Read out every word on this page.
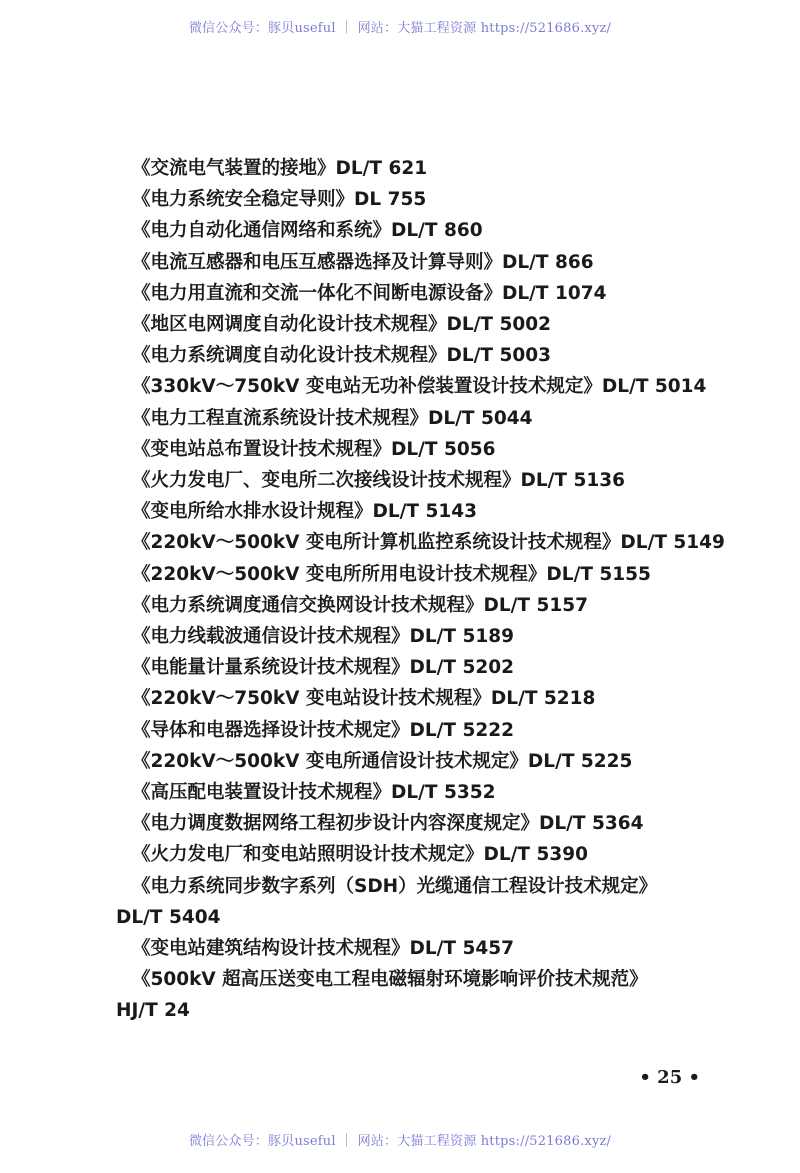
微信公众号：豚贝useful ｜ 网站：大猫工程资源 https://521686.xyz/
《交流电气装置的接地》DL/T 621
《电力系统安全稳定导则》DL 755
《电力自动化通信网络和系统》DL/T 860
《电流互感器和电压互感器选择及计算导则》DL/T 866
《电力用直流和交流一体化不间断电源设备》DL/T 1074
《地区电网调度自动化设计技术规程》DL/T 5002
《电力系统调度自动化设计技术规程》DL/T 5003
《330kV～750kV 变电站无功补偿装置设计技术规定》DL/T 5014
《电力工程直流系统设计技术规程》DL/T 5044
《变电站总布置设计技术规程》DL/T 5056
《火力发电厂、变电所二次接线设计技术规程》DL/T 5136
《变电所给水排水设计规程》DL/T 5143
《220kV～500kV 变电所计算机监控系统设计技术规程》DL/T 5149
《220kV～500kV 变电所所用电设计技术规程》DL/T 5155
《电力系统调度通信交换网设计技术规程》DL/T 5157
《电力线载波通信设计技术规程》DL/T 5189
《电能量计量系统设计技术规程》DL/T 5202
《220kV～750kV 变电站设计技术规程》DL/T 5218
《导体和电器选择设计技术规定》DL/T 5222
《220kV～500kV 变电所通信设计技术规定》DL/T 5225
《高压配电装置设计技术规程》DL/T 5352
《电力调度数据网络工程初步设计内容深度规定》DL/T 5364
《火力发电厂和变电站照明设计技术规定》DL/T 5390
《电力系统同步数字系列（SDH）光缆通信工程设计技术规定》
DL/T 5404
《变电站建筑结构设计技术规程》DL/T 5457
《500kV 超高压送变电工程电磁辐射环境影响评价技术规范》
HJ/T 24
• 25 •
微信公众号：豚贝useful ｜ 网站：大猫工程资源 https://521686.xyz/
